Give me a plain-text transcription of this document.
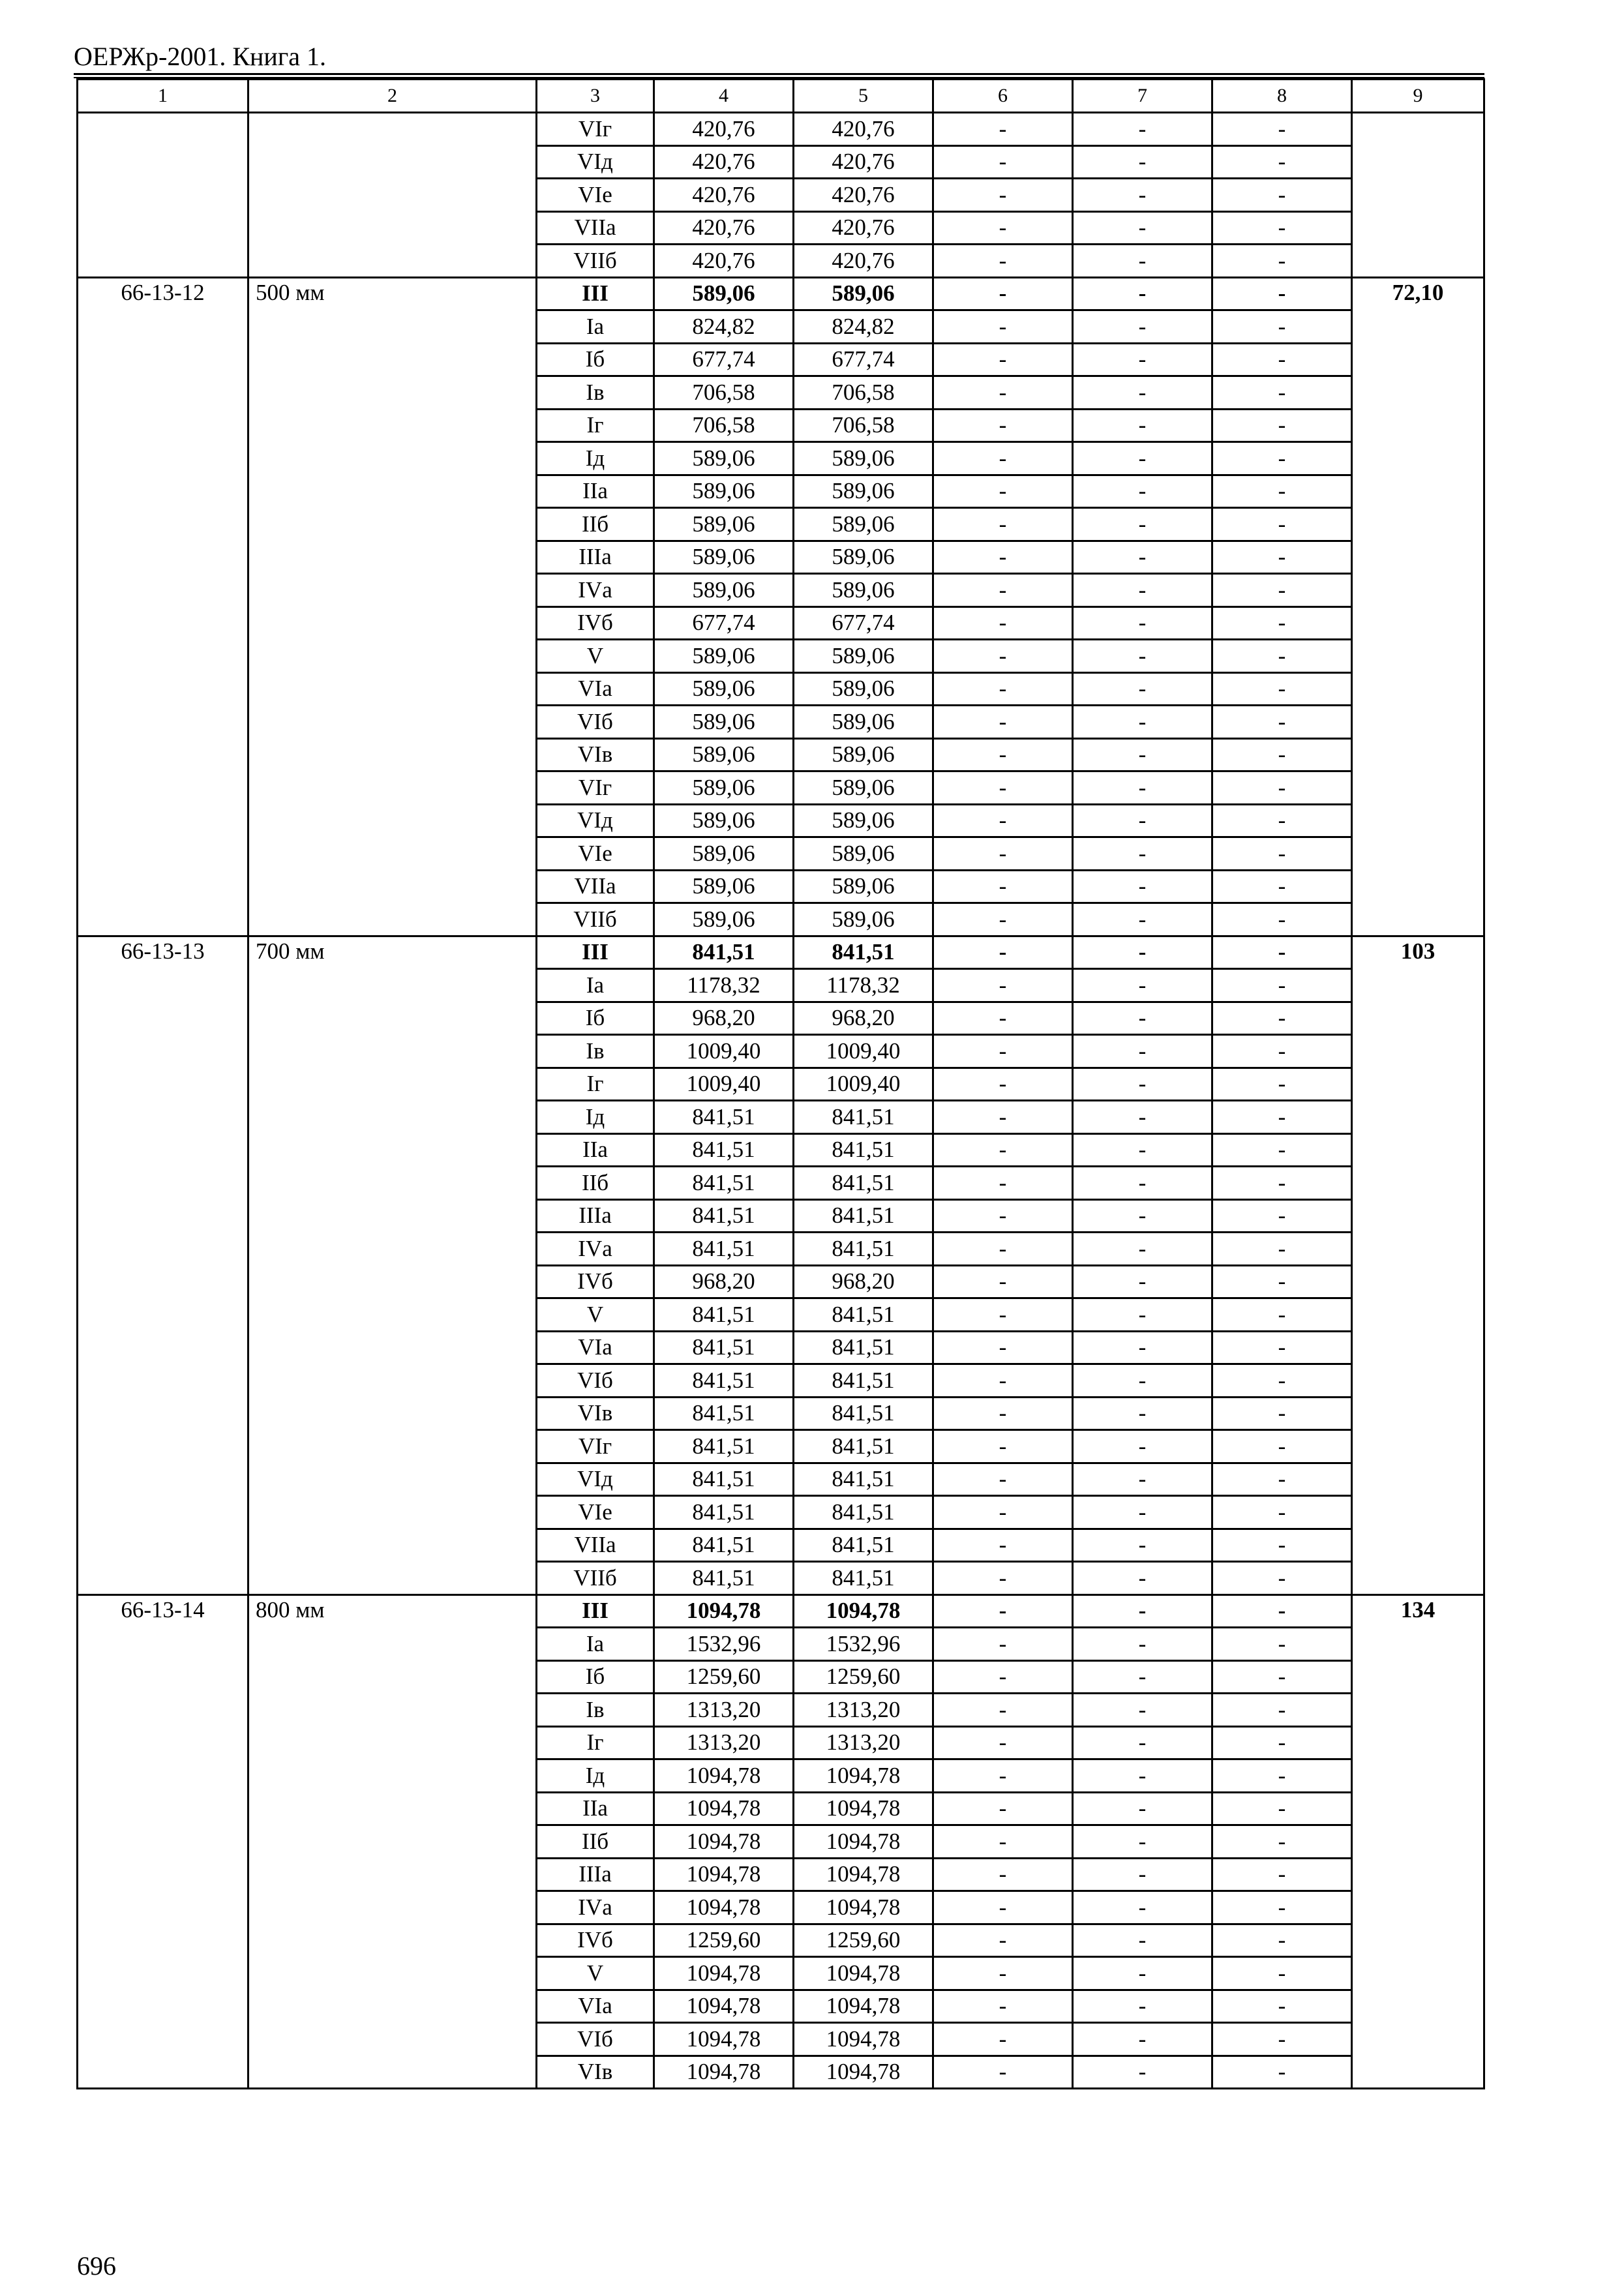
ОЕРЖр-2001. Книга 1.
1	2	3	4	5	6	7	8	9
		VIг	420,76	420,76	-	-	-	
		VIд	420,76	420,76	-	-	-	
		VIе	420,76	420,76	-	-	-	
		VIIа	420,76	420,76	-	-	-	
		VIIб	420,76	420,76	-	-	-	
66-13-12	500 мм	III	589,06	589,06	-	-	-	72,10
		Iа	824,82	824,82	-	-	-	
		Iб	677,74	677,74	-	-	-	
		Iв	706,58	706,58	-	-	-	
		Iг	706,58	706,58	-	-	-	
		Iд	589,06	589,06	-	-	-	
		IIа	589,06	589,06	-	-	-	
		IIб	589,06	589,06	-	-	-	
		IIIа	589,06	589,06	-	-	-	
		IVа	589,06	589,06	-	-	-	
		IVб	677,74	677,74	-	-	-	
		V	589,06	589,06	-	-	-	
		VIа	589,06	589,06	-	-	-	
		VIб	589,06	589,06	-	-	-	
		VIв	589,06	589,06	-	-	-	
		VIг	589,06	589,06	-	-	-	
		VIд	589,06	589,06	-	-	-	
		VIе	589,06	589,06	-	-	-	
		VIIа	589,06	589,06	-	-	-	
		VIIб	589,06	589,06	-	-	-	
66-13-13	700 мм	III	841,51	841,51	-	-	-	103
		Iа	1178,32	1178,32	-	-	-	
		Iб	968,20	968,20	-	-	-	
		Iв	1009,40	1009,40	-	-	-	
		Iг	1009,40	1009,40	-	-	-	
		Iд	841,51	841,51	-	-	-	
		IIа	841,51	841,51	-	-	-	
		IIб	841,51	841,51	-	-	-	
		IIIа	841,51	841,51	-	-	-	
		IVа	841,51	841,51	-	-	-	
		IVб	968,20	968,20	-	-	-	
		V	841,51	841,51	-	-	-	
		VIа	841,51	841,51	-	-	-	
		VIб	841,51	841,51	-	-	-	
		VIв	841,51	841,51	-	-	-	
		VIг	841,51	841,51	-	-	-	
		VIд	841,51	841,51	-	-	-	
		VIе	841,51	841,51	-	-	-	
		VIIа	841,51	841,51	-	-	-	
		VIIб	841,51	841,51	-	-	-	
66-13-14	800 мм	III	1094,78	1094,78	-	-	-	134
		Iа	1532,96	1532,96	-	-	-	
		Iб	1259,60	1259,60	-	-	-	
		Iв	1313,20	1313,20	-	-	-	
		Iг	1313,20	1313,20	-	-	-	
		Iд	1094,78	1094,78	-	-	-	
		IIа	1094,78	1094,78	-	-	-	
		IIб	1094,78	1094,78	-	-	-	
		IIIа	1094,78	1094,78	-	-	-	
		IVа	1094,78	1094,78	-	-	-	
		IVб	1259,60	1259,60	-	-	-	
		V	1094,78	1094,78	-	-	-	
		VIа	1094,78	1094,78	-	-	-	
		VIб	1094,78	1094,78	-	-	-	
		VIв	1094,78	1094,78	-	-	-	
696
